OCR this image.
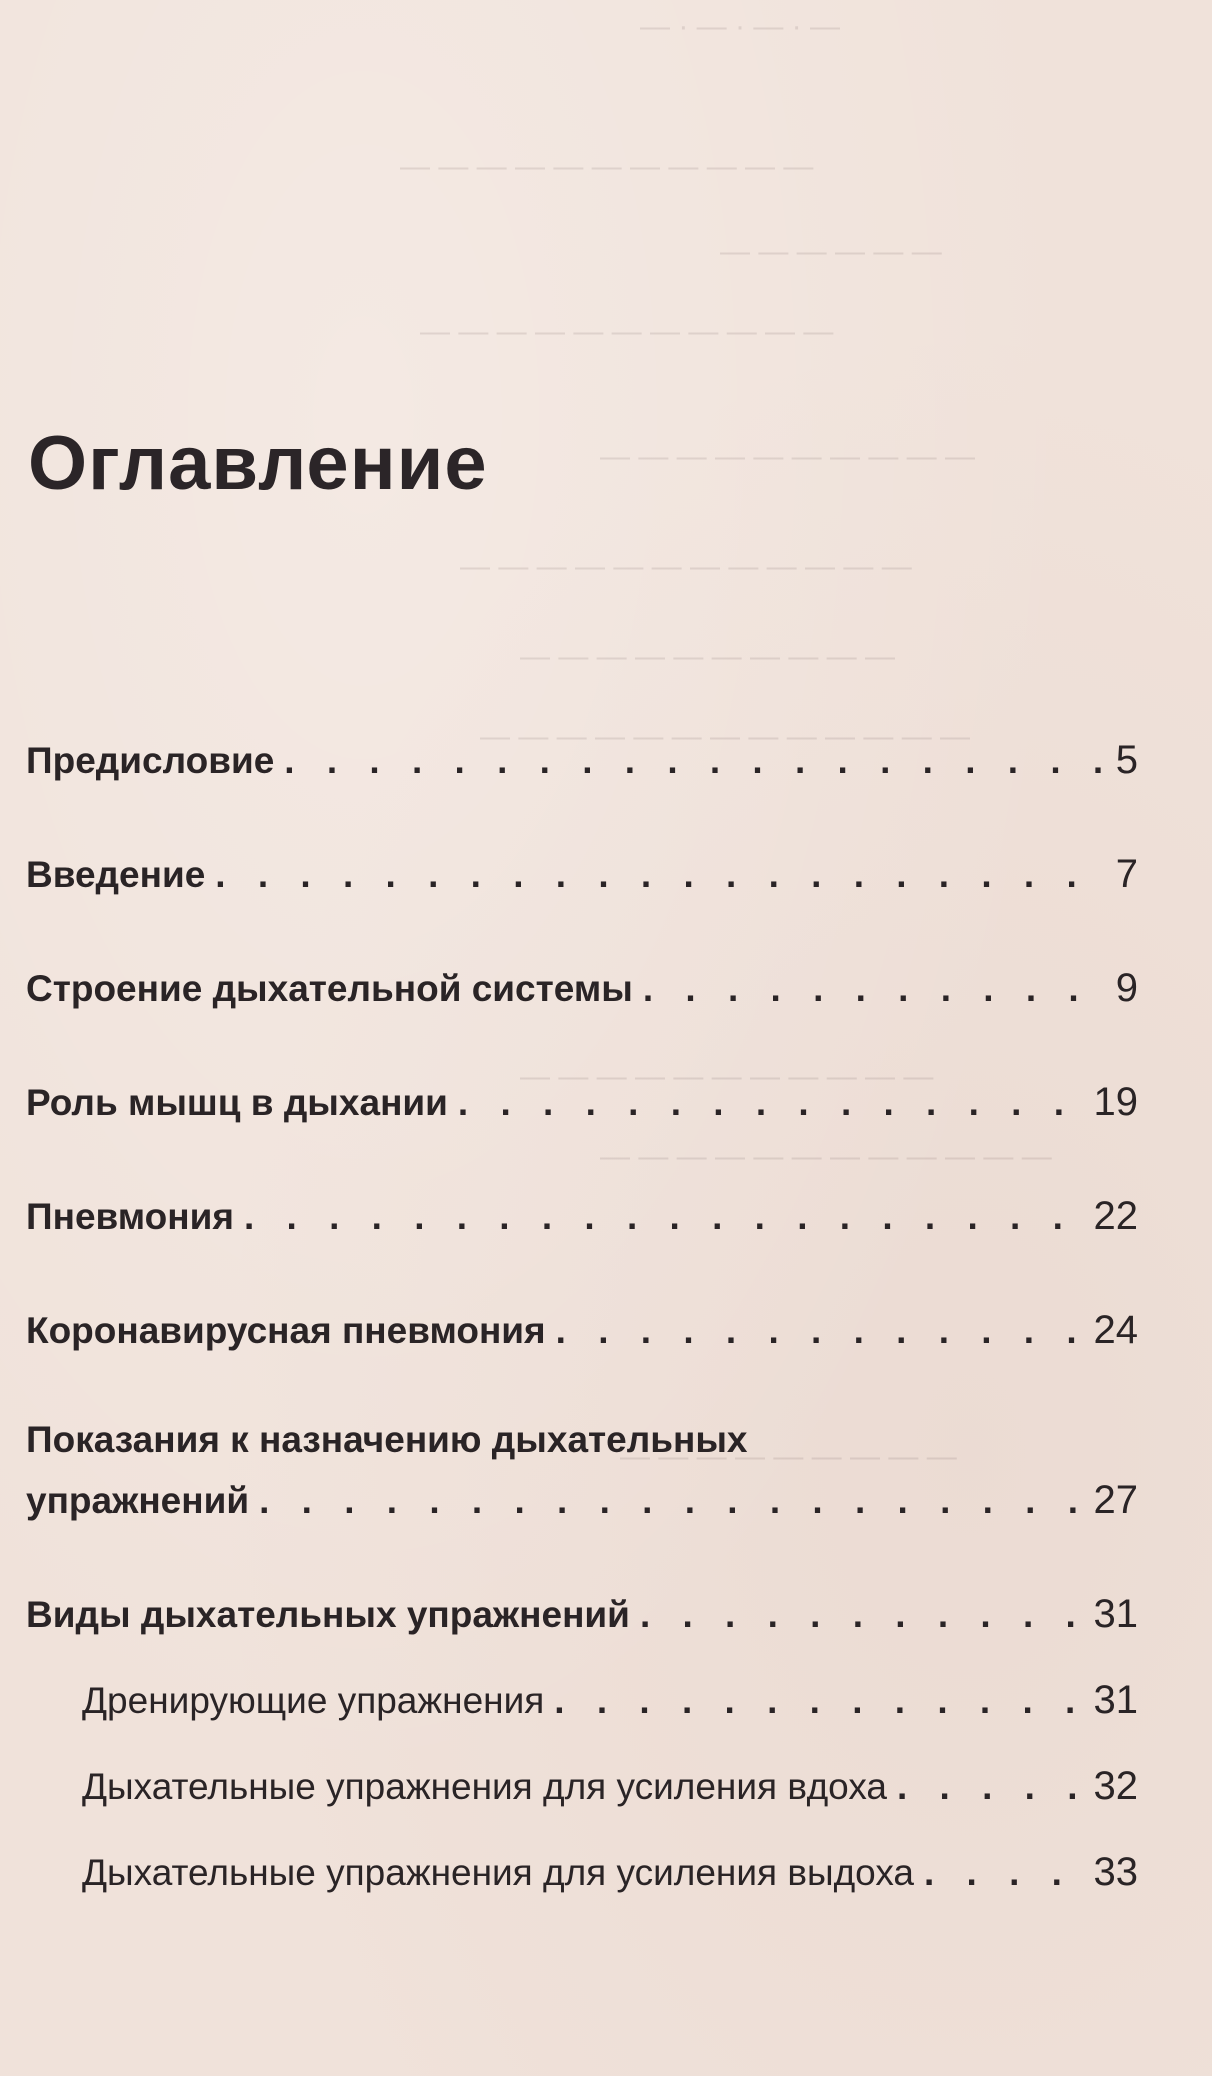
— · — · — · —
— — — — — — — — — — —
— — — — — —
— — — — — — — — — — —
— — — — — — — — — —
— — — — — — — — — — — —
— — — — — — — — — —
— — — — — — — — — — — — —
— — — — — — — — — — —
— — — — — — — — — — — —
— — — — — — — — —
Оглавление
Предисловие . . .	5
Введение . . .	7
Строение дыхательной системы . . .	9
Роль мышц в дыхании . . .	19
Пневмония . . .	22
Коронавирусная пневмония . . .	24
Показания к назначению дыхательных
упражнений . . .	27
Виды дыхательных упражнений . . .	31
Дренирующие упражнения . . .	31
Дыхательные упражнения для усиления вдоха . . .	32
Дыхательные упражнения для усиления выдоха . . .	33
